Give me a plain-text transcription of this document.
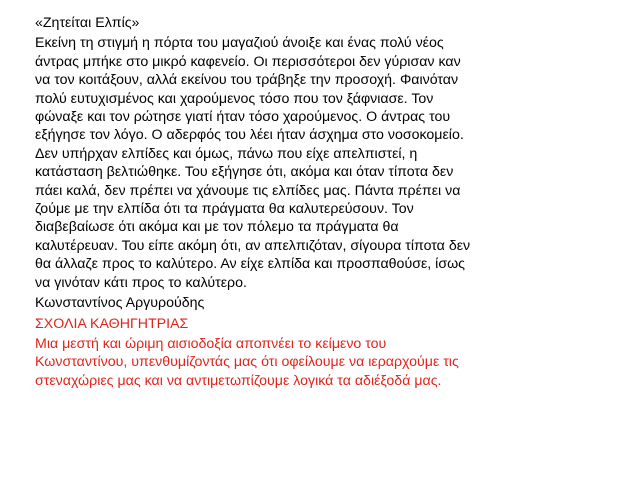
«Ζητείται Ελπίς»

Εκείνη τη στιγμή η πόρτα του μαγαζιού άνοιξε και ένας πολύ νέος
άντρας μπήκε στο μικρό καφενείο. Οι περισσότεροι δεν γύρισαν καν
να τον κοιτάξουν, αλλά εκείνου του τράβηξε την προσοχή. Φαινόταν
πολύ ευτυχισμένος και χαρούμενος τόσο που τον ξάφνιασε. Τον
φώναξε και τον ρώτησε γιατί ήταν τόσο χαρούμενος. Ο άντρας του
εξήγησε τον λόγο. Ο αδερφός του λέει ήταν άσχημα στο νοσοκομείο.
Δεν υπήρχαν ελπίδες και όμως, πάνω που είχε απελπιστεί, η
κατάσταση βελτιώθηκε. Του εξήγησε ότι, ακόμα και όταν τίποτα δεν
πάει καλά, δεν πρέπει να χάνουμε τις ελπίδες μας. Πάντα πρέπει να
ζούμε με την ελπίδα ότι τα πράγματα θα καλυτερεύσουν. Τον
διαβεβαίωσε ότι ακόμα και με τον πόλεμο τα πράγματα θα
καλυτέρευαν. Του είπε ακόμη ότι, αν απελπιζόταν, σίγουρα τίποτα δεν
θα άλλαζε προς το καλύτερο. Αν είχε ελπίδα και προσπαθούσε, ίσως
να γινόταν κάτι προς το καλύτερο.

Κωνσταντίνος Αργυρούδης

ΣΧΟΛΙΑ ΚΑΘΗΓΗΤΡΙΑΣ

Μια μεστή και ώριμη αισιοδοξία αποπνέει το κείμενο του
Κωνσταντίνου, υπενθυμίζοντάς μας ότι οφείλουμε να ιεραρχούμε τις
στεναχώριες μας και να αντιμετωπίζουμε λογικά τα αδιέξοδά μας.
